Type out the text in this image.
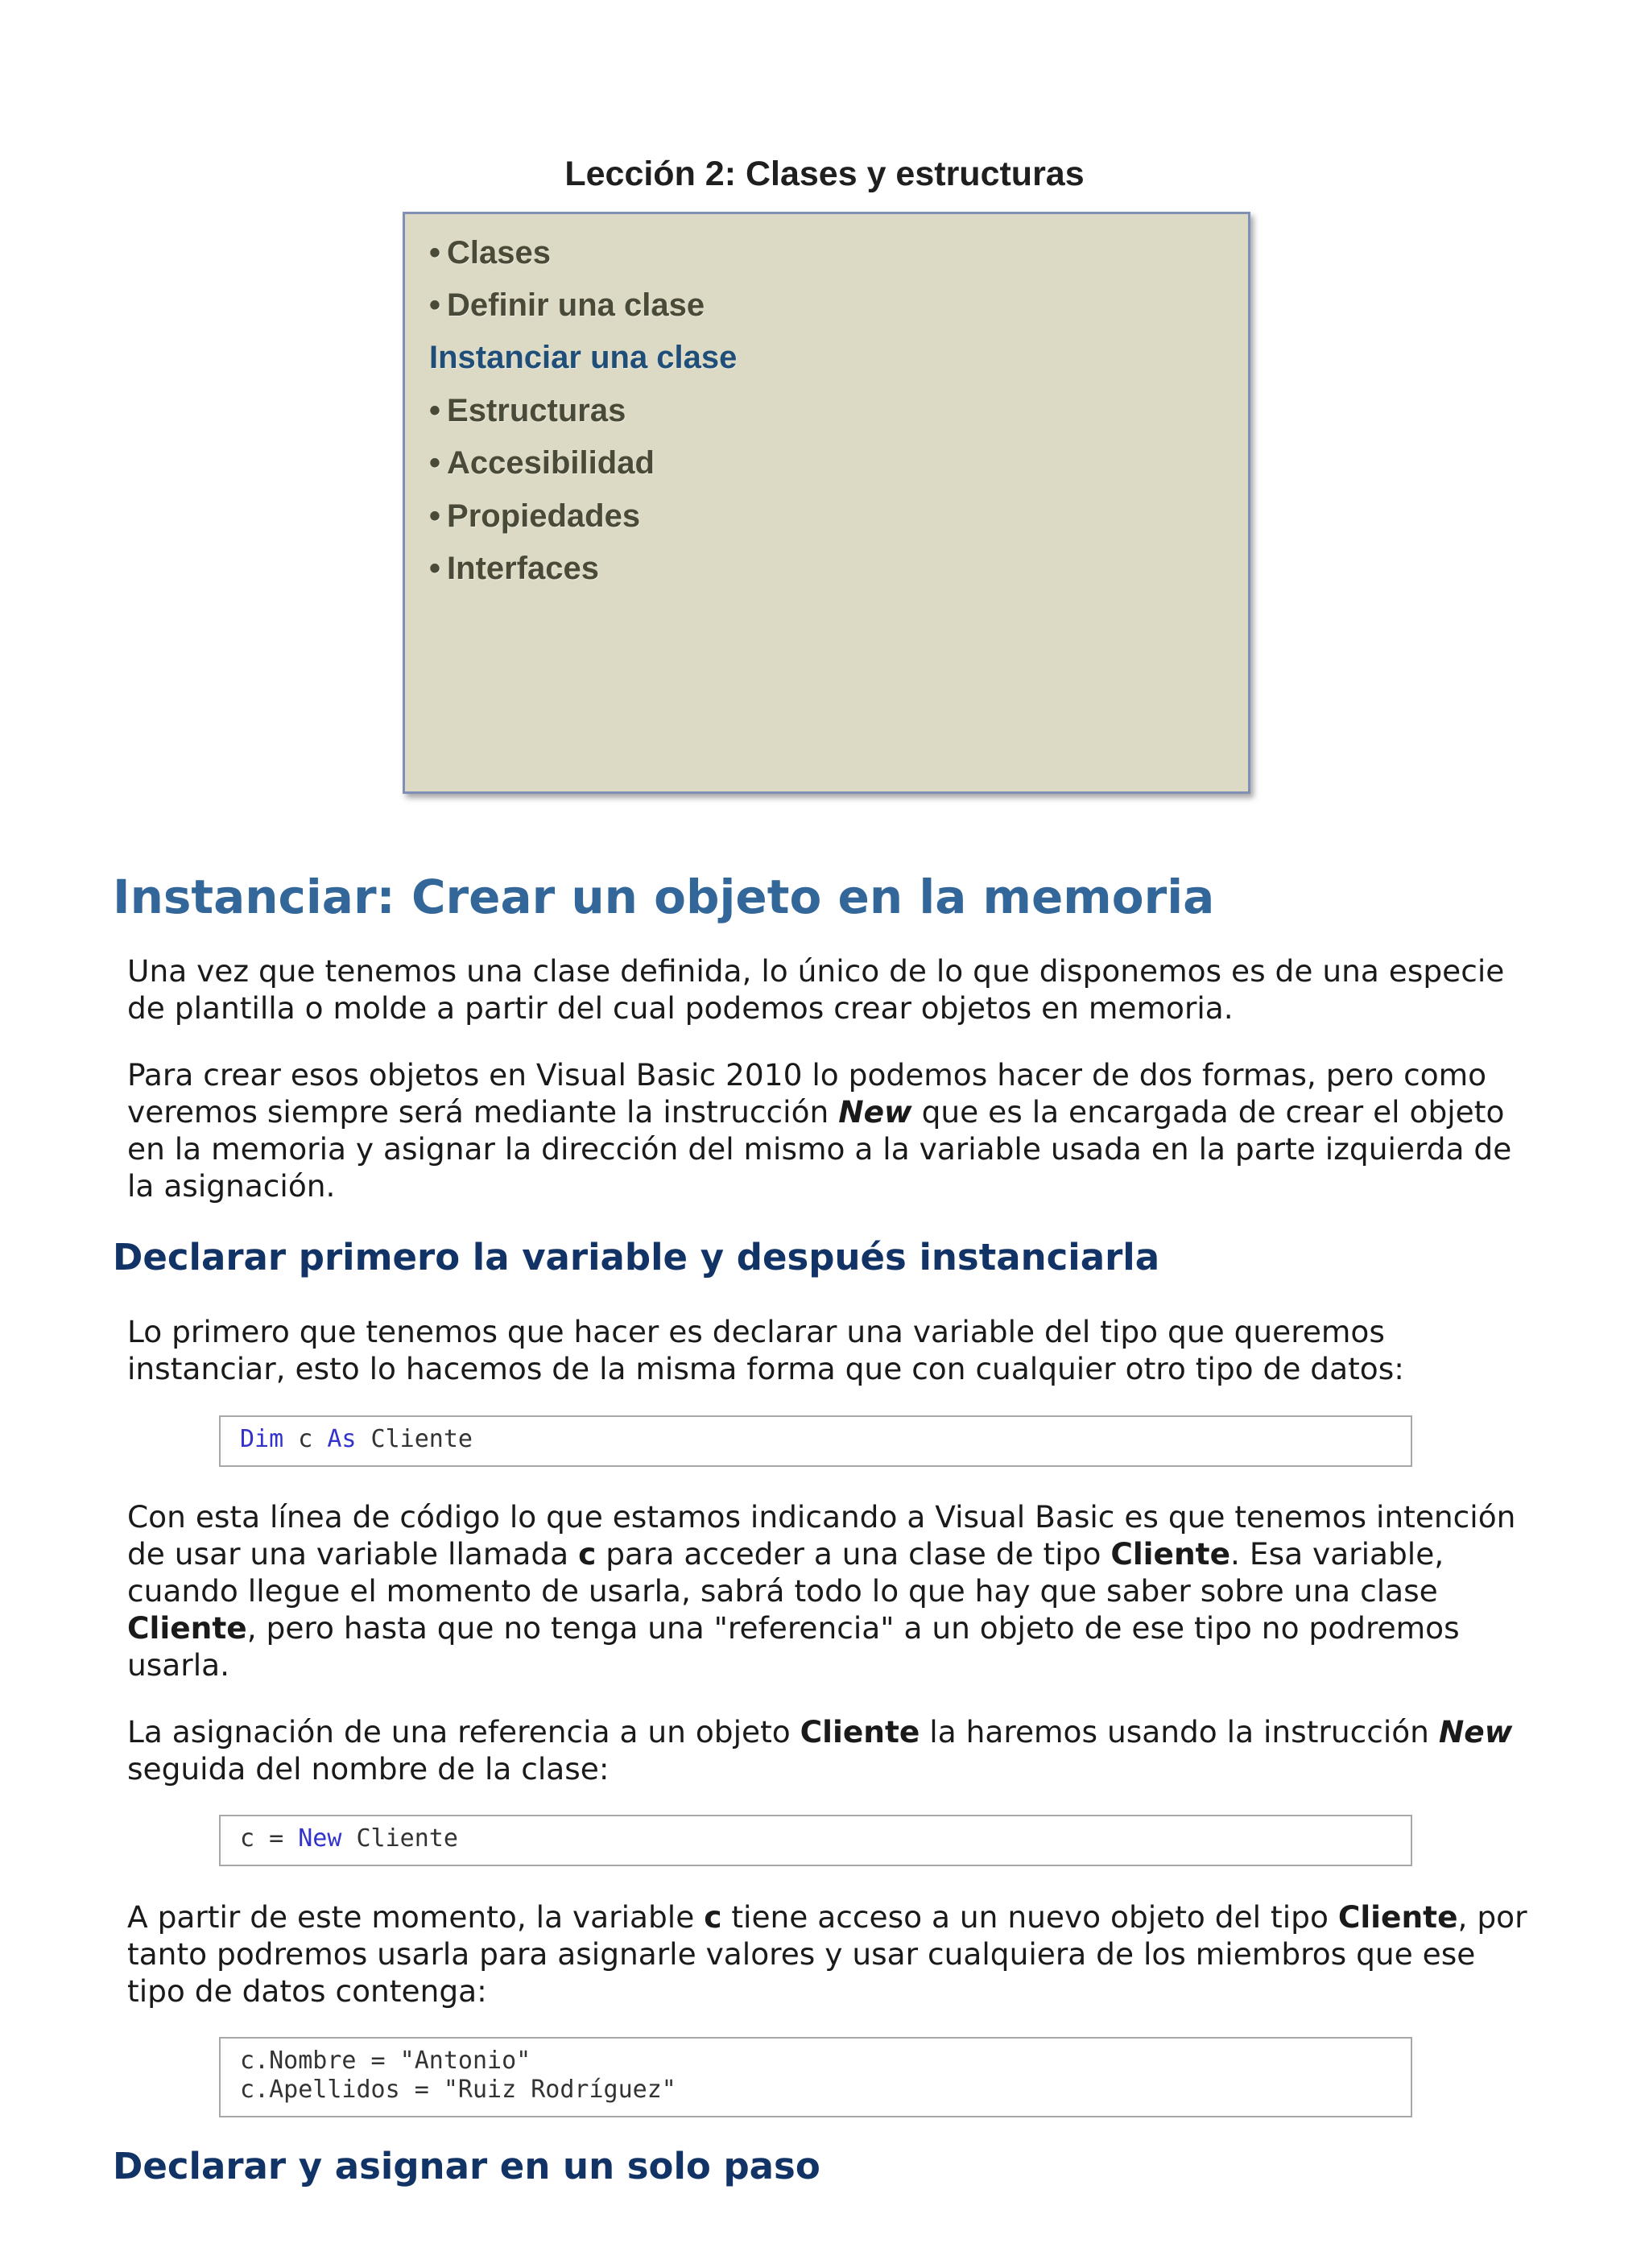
Lección 2: Clases y estructuras
• Clases
• Definir una clase
Instanciar una clase
• Estructuras
• Accesibilidad
• Propiedades
• Interfaces
Instanciar: Crear un objeto en la memoria
Una vez que tenemos una clase definida, lo único de lo que disponemos es de una especie de plantilla o molde a partir del cual podemos crear objetos en memoria.
Para crear esos objetos en Visual Basic 2010 lo podemos hacer de dos formas, pero como veremos siempre será mediante la instrucción New que es la encargada de crear el objeto en la memoria y asignar la dirección del mismo a la variable usada en la parte izquierda de la asignación.
Declarar primero la variable y después instanciarla
Lo primero que tenemos que hacer es declarar una variable del tipo que queremos instanciar, esto lo hacemos de la misma forma que con cualquier otro tipo de datos:
Dim c As Cliente
Con esta línea de código lo que estamos indicando a Visual Basic es que tenemos intención de usar una variable llamada c para acceder a una clase de tipo Cliente. Esa variable, cuando llegue el momento de usarla, sabrá todo lo que hay que saber sobre una clase Cliente, pero hasta que no tenga una "referencia" a un objeto de ese tipo no podremos usarla.
La asignación de una referencia a un objeto Cliente la haremos usando la instrucción New seguida del nombre de la clase:
c = New Cliente
A partir de este momento, la variable c tiene acceso a un nuevo objeto del tipo Cliente, por tanto podremos usarla para asignarle valores y usar cualquiera de los miembros que ese tipo de datos contenga:
c.Nombre = "Antonio"
c.Apellidos = "Ruiz Rodríguez"
Declarar y asignar en un solo paso
